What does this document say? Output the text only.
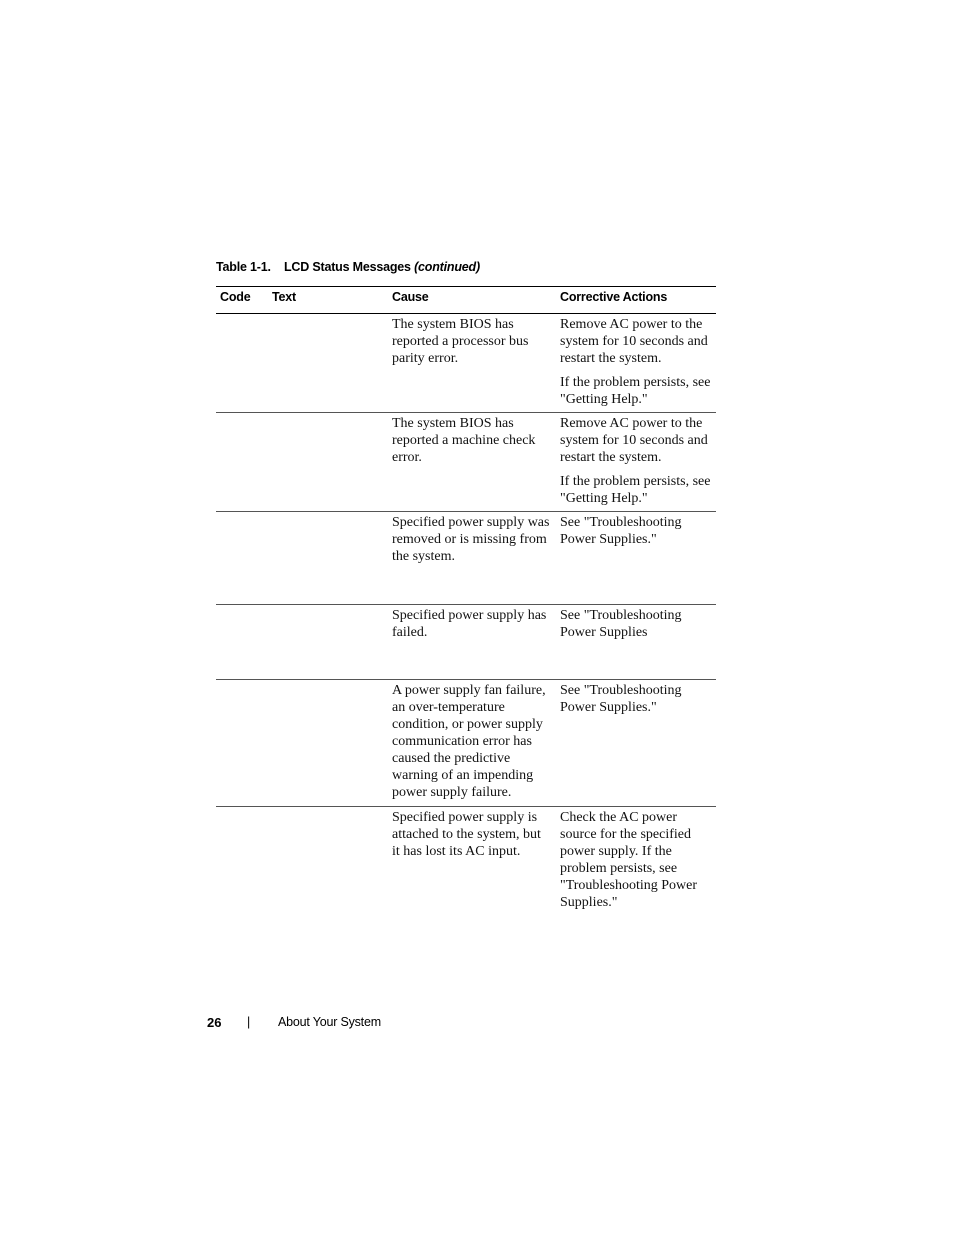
Table 1-1. LCD Status Messages (continued)
Code	Text	Cause	Corrective Actions

		The system BIOS has reported a processor bus parity error.	Remove AC power to the system for 10 seconds and restart the system.

If the problem persists, see "Getting Help."

		The system BIOS has reported a machine check error.	Remove AC power to the system for 10 seconds and restart the system.

If the problem persists, see "Getting Help."

		Specified power supply was removed or is missing from the system.	See "Troubleshooting Power Supplies."

		Specified power supply has failed.	See "Troubleshooting Power Supplies

		A power supply fan failure, an over-temperature condition, or power supply communication error has caused the predictive warning of an impending power supply failure.	See "Troubleshooting Power Supplies."

		Specified power supply is attached to the system, but it has lost its AC input.	Check the AC power source for the specified power supply. If the problem persists, see "Troubleshooting Power Supplies."

26 | About Your System
